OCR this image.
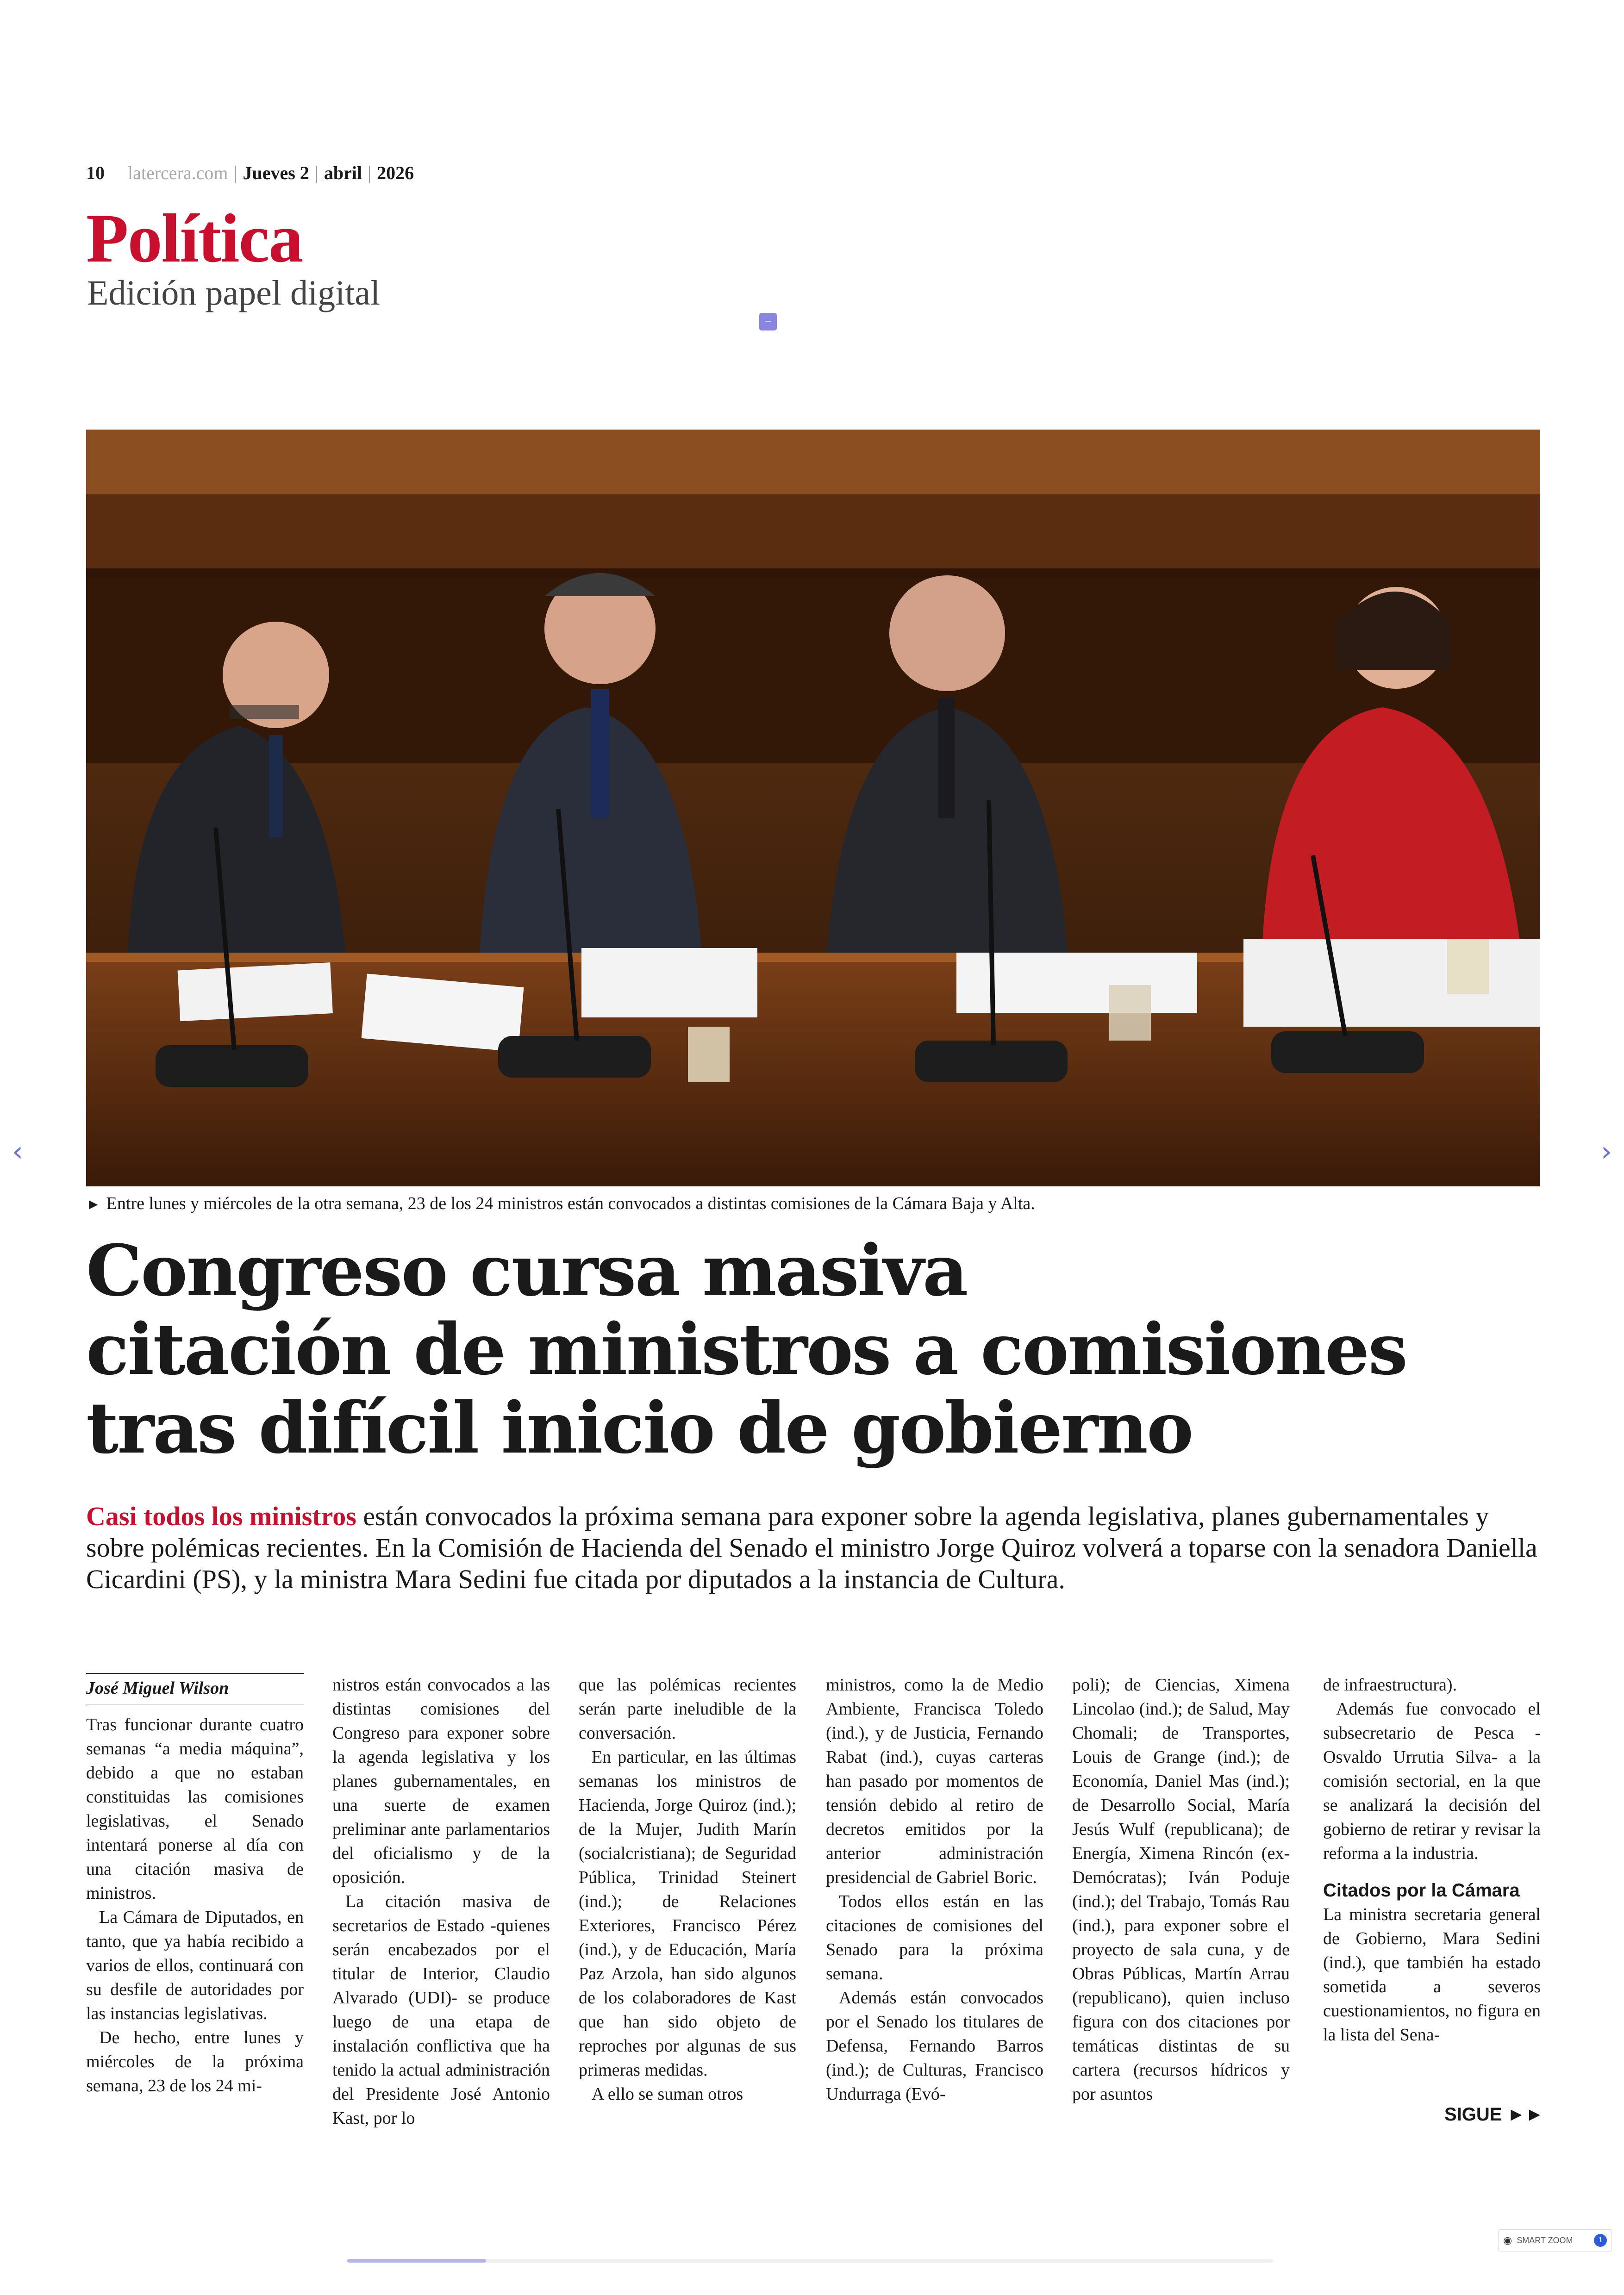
10 latercera.com | Jueves 2 | abril | 2026
Política
Edición papel digital
► Entre lunes y miércoles de la otra semana, 23 de los 24 ministros están convocados a distintas comisiones de la Cámara Baja y Alta.
‹	›
Congreso cursa masiva
citación de ministros a comisiones
tras difícil inicio de gobierno
Casi todos los ministros están convocados la próxima semana para exponer sobre la agenda legislativa, planes gubernamentales y sobre polémicas recientes. En la Comisión de Hacienda del Senado el ministro Jorge Quiroz volverá a toparse con la senadora Daniella Cicardini (PS), y la ministra Mara Sedini fue citada por diputados a la instancia de Cultura.
José Miguel Wilson

Tras funcionar durante cuatro semanas “a media máquina”, debido a que no estaban constituidas las comisiones legislativas, el Senado intentará ponerse al día con una citación masiva de ministros.

La Cámara de Diputados, en tanto, que ya había recibido a varios de ellos, continuará con su desfile de autoridades por las instancias legislativas.

De hecho, entre lunes y miércoles de la próxima semana, 23 de los 24 mi-

nistros están convocados a las distintas comisiones del Congreso para exponer sobre la agenda legislativa y los planes gubernamentales, en una suerte de examen preliminar ante parlamentarios del oficialismo y de la oposición.

La citación masiva de secretarios de Estado -quienes serán encabezados por el titular de Interior, Claudio Alvarado (UDI)- se produce luego de una etapa de instalación conflictiva que ha tenido la actual administración del Presidente José Antonio Kast, por lo

que las polémicas recientes serán parte ineludible de la conversación.

En particular, en las últimas semanas los ministros de Hacienda, Jorge Quiroz (ind.); de la Mujer, Judith Marín (socialcristiana); de Seguridad Pública, Trinidad Steinert (ind.); de Relaciones Exteriores, Francisco Pérez (ind.), y de Educación, María Paz Arzola, han sido algunos de los colaboradores de Kast que han sido objeto de reproches por algunas de sus primeras medidas.

A ello se suman otros

ministros, como la de Medio Ambiente, Francisca Toledo (ind.), y de Justicia, Fernando Rabat (ind.), cuyas carteras han pasado por momentos de tensión debido al retiro de decretos emitidos por la anterior administración presidencial de Gabriel Boric.

Todos ellos están en las citaciones de comisiones del Senado para la próxima semana.

Además están convocados por el Senado los titulares de Defensa, Fernando Barros (ind.); de Culturas, Francisco Undurraga (Evó-

poli); de Ciencias, Ximena Lincolao (ind.); de Salud, May Chomali; de Transportes, Louis de Grange (ind.); de Economía, Daniel Mas (ind.); de Desarrollo Social, María Jesús Wulf (republicana); de Energía, Ximena Rincón (ex-Demócratas); Iván Poduje (ind.); del Trabajo, Tomás Rau (ind.), para exponer sobre el proyecto de sala cuna, y de Obras Públicas, Martín Arrau (republicano), quien incluso figura con dos citaciones por temáticas distintas de su cartera (recursos hídricos y por asuntos

de infraestructura).

Además fue convocado el subsecretario de Pesca -Osvaldo Urrutia Silva- a la comisión sectorial, en la que se analizará la decisión del gobierno de retirar y revisar la reforma a la industria.

Citados por la Cámara

La ministra secretaria general de Gobierno, Mara Sedini (ind.), que también ha estado sometida a severos cuestionamientos, no figura en la lista del Sena-

SIGUE ►►
◉ SMART ZOOM	1
